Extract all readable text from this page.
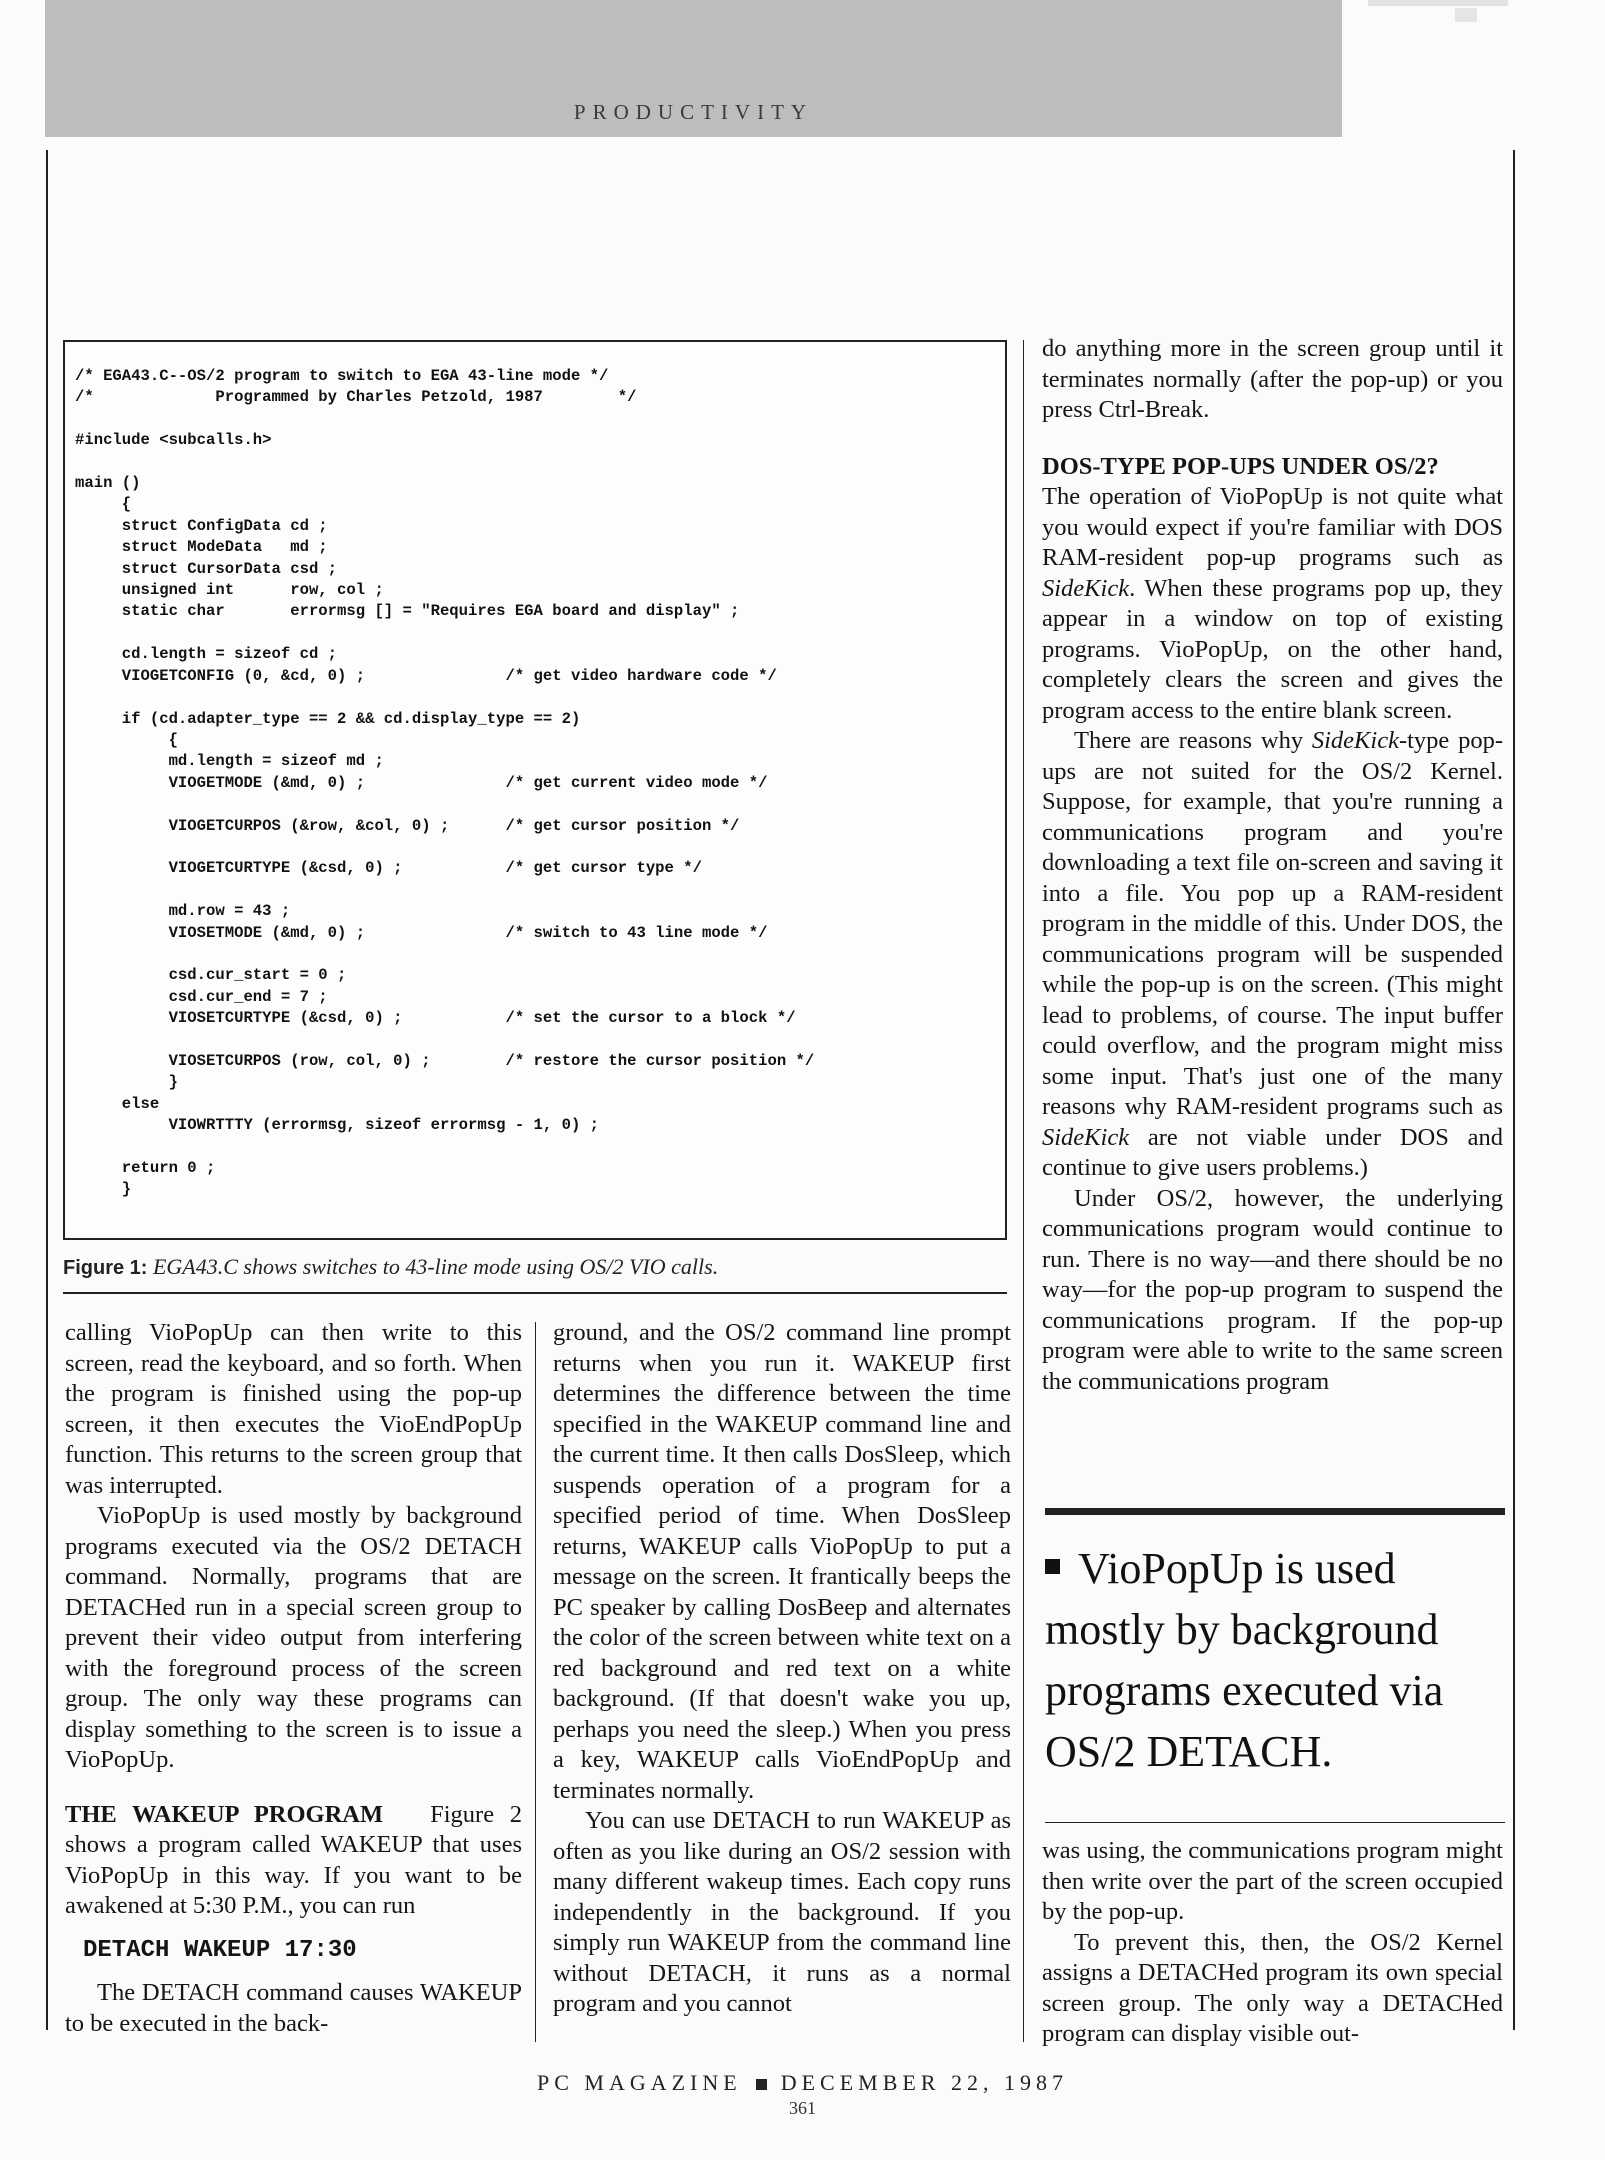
PRODUCTIVITY
/* EGA43.C--OS/2 program to switch to EGA 43-line mode */
/*             Programmed by Charles Petzold, 1987        */

#include <subcalls.h>

main ()
{
struct ConfigData cd ;
struct ModeData   md ;
struct CursorData csd ;
unsigned int      row, col ;
static char       errormsg [] = "Requires EGA board and display" ;

cd.length = sizeof cd ;
VIOGETCONFIG (0, &cd, 0) ;               /* get video hardware code */

if (cd.adapter_type == 2 && cd.display_type == 2)
{
md.length = sizeof md ;
VIOGETMODE (&md, 0) ;               /* get current video mode */

VIOGETCURPOS (&row, &col, 0) ;      /* get cursor position */

VIOGETCURTYPE (&csd, 0) ;           /* get cursor type */

md.row = 43 ;
VIOSETMODE (&md, 0) ;               /* switch to 43 line mode */

csd.cur_start = 0 ;
csd.cur_end = 7 ;
VIOSETCURTYPE (&csd, 0) ;           /* set the cursor to a block */

VIOSETCURPOS (row, col, 0) ;        /* restore the cursor position */
}
else
VIOWRTTTY (errormsg, sizeof errormsg - 1, 0) ;

return 0 ;
}

Figure 1: EGA43.C shows switches to 43-line mode using OS/2 VIO calls.

calling VioPopUp can then write to this screen, read the keyboard, and so forth. When the program is finished using the pop-up screen, it then executes the VioEndPopUp function. This returns to the screen group that was interrupted.

VioPopUp is used mostly by background programs executed via the OS/2 DETACH command. Normally, programs that are DETACHed run in a special screen group to prevent their video output from interfering with the foreground process of the screen group. The only way these programs can display something to the screen is to issue a VioPopUp.

THE WAKEUP PROGRAM Figure 2 shows a program called WAKEUP that uses VioPopUp in this way. If you want to be awakened at 5:30 P.M., you can run

DETACH WAKEUP 17:30

The DETACH command causes WAKEUP to be executed in the back-

ground, and the OS/2 command line prompt returns when you run it. WAKEUP first determines the difference between the time specified in the WAKEUP command line and the current time. It then calls DosSleep, which suspends operation of a program for a specified period of time. When DosSleep returns, WAKEUP calls VioPopUp to put a message on the screen. It frantically beeps the PC speaker by calling DosBeep and alternates the color of the screen between white text on a red background and red text on a white background. (If that doesn't wake you up, perhaps you need the sleep.) When you press a key, WAKEUP calls VioEndPopUp and terminates normally.

You can use DETACH to run WAKEUP as often as you like during an OS/2 session with many different wakeup times. Each copy runs independently in the background. If you simply run WAKEUP from the command line without DETACH, it runs as a normal program and you cannot

do anything more in the screen group until it terminates normally (after the pop-up) or you press Ctrl-Break.

DOS-TYPE POP-UPS UNDER OS/2?

The operation of VioPopUp is not quite what you would expect if you're familiar with DOS RAM-resident pop-up programs such as SideKick. When these programs pop up, they appear in a window on top of existing programs. VioPopUp, on the other hand, completely clears the screen and gives the program access to the entire blank screen.

There are reasons why SideKick-type pop-ups are not suited for the OS/2 Kernel. Suppose, for example, that you're running a communications program and you're downloading a text file on-screen and saving it into a file. You pop up a RAM-resident program in the middle of this. Under DOS, the communications program will be suspended while the pop-up is on the screen. (This might lead to problems, of course. The input buffer could overflow, and the program might miss some input. That's just one of the many reasons why RAM-resident programs such as SideKick are not viable under DOS and continue to give users problems.)

Under OS/2, however, the underlying communications program would continue to run. There is no way—and there should be no way—for the pop-up program to suspend the communications program. If the pop-up program were able to write to the same screen the communications program

VioPopUp is used mostly by background programs executed via OS/2 DETACH.

was using, the communications program might then write over the part of the screen occupied by the pop-up.

To prevent this, then, the OS/2 Kernel assigns a DETACHed program its own special screen group. The only way a DETACHed program can display visible out-

PC MAGAZINE DECEMBER 22, 1987
361
